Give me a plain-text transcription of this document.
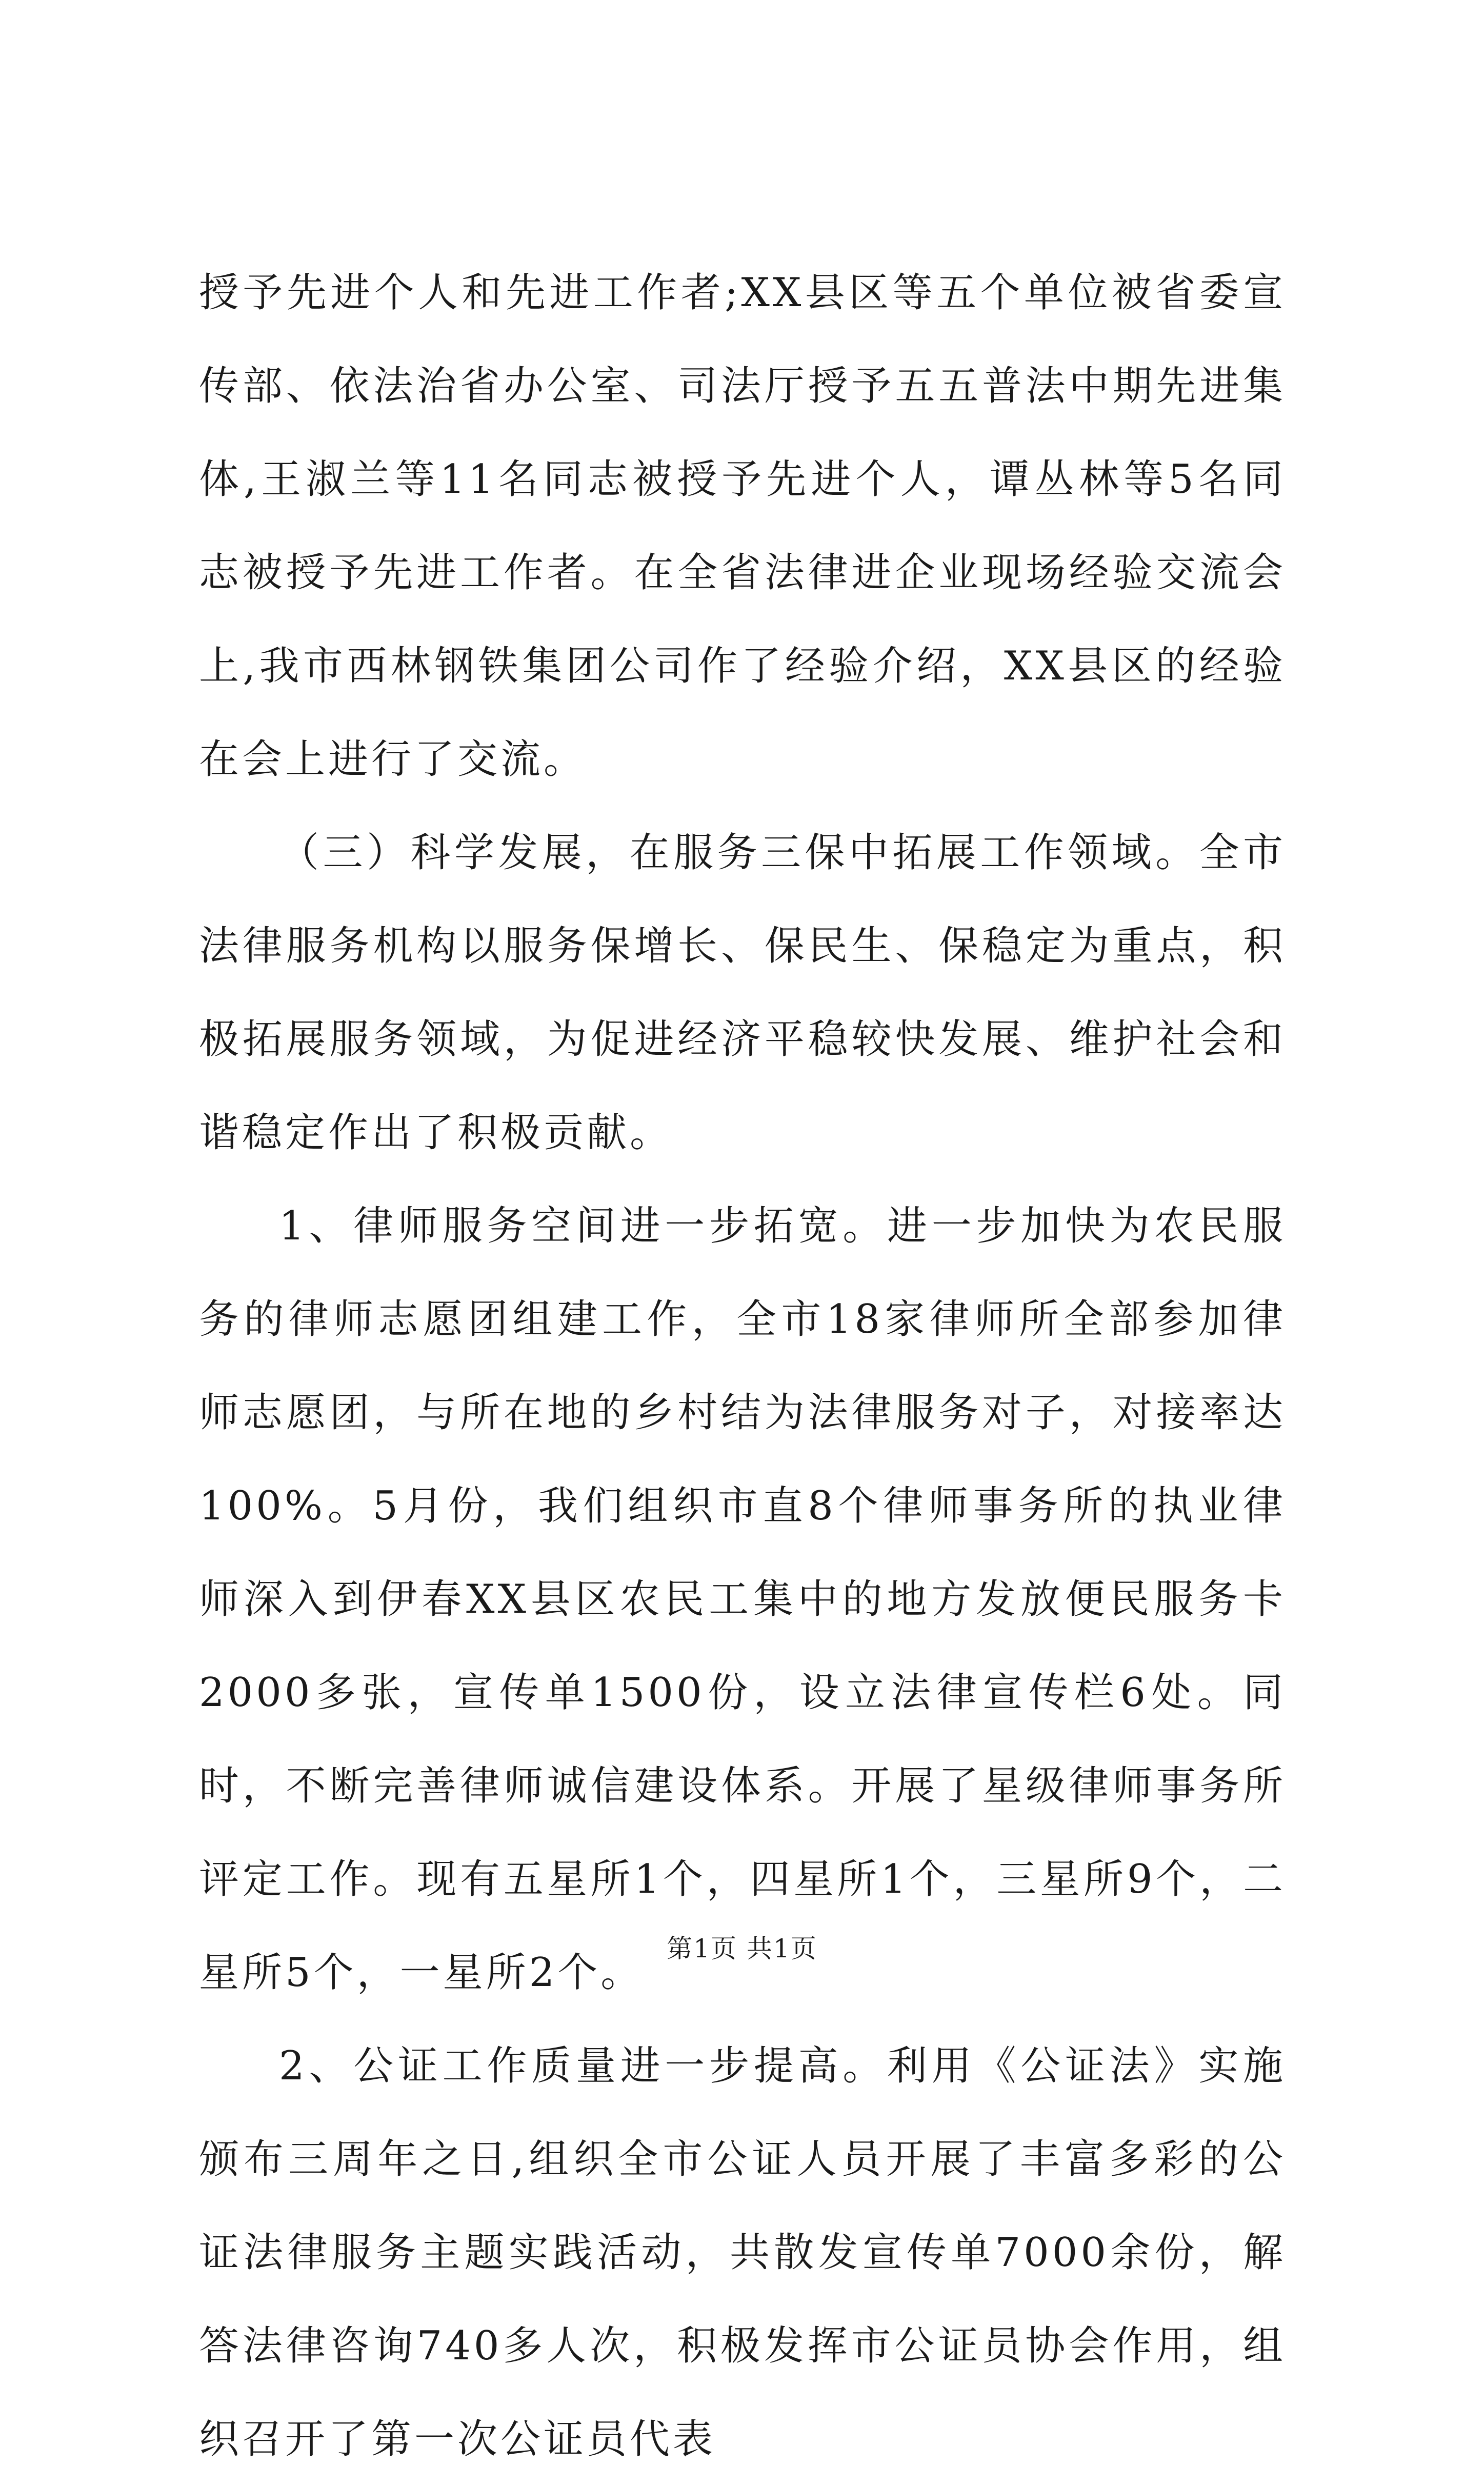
授予先进个人和先进工作者;XX县区等五个单位被省委宣传部、依法治省办公室、司法厅授予五五普法中期先进集体,王淑兰等11名同志被授予先进个人，谭丛林等5名同志被授予先进工作者。在全省法律进企业现场经验交流会上,我市西林钢铁集团公司作了经验介绍，XX县区的经验在会上进行了交流。

（三）科学发展，在服务三保中拓展工作领域。全市法律服务机构以服务保增长、保民生、保稳定为重点，积极拓展服务领域，为促进经济平稳较快发展、维护社会和谐稳定作出了积极贡献。

1、律师服务空间进一步拓宽。进一步加快为农民服务的律师志愿团组建工作，全市18家律师所全部参加律师志愿团，与所在地的乡村结为法律服务对子，对接率达100%。5月份，我们组织市直8个律师事务所的执业律师深入到伊春XX县区农民工集中的地方发放便民服务卡2000多张，宣传单1500份，设立法律宣传栏6处。同时，不断完善律师诚信建设体系。开展了星级律师事务所评定工作。现有五星所1个，四星所1个，三星所9个，二星所5个，一星所2个。

2、公证工作质量进一步提高。利用《公证法》实施颁布三周年之日,组织全市公证人员开展了丰富多彩的公证法律服务主题实践活动，共散发宣传单7000余份，解答法律咨询740多人次，积极发挥市公证员协会作用，组织召开了第一次公证员代表

第1页 共1页
